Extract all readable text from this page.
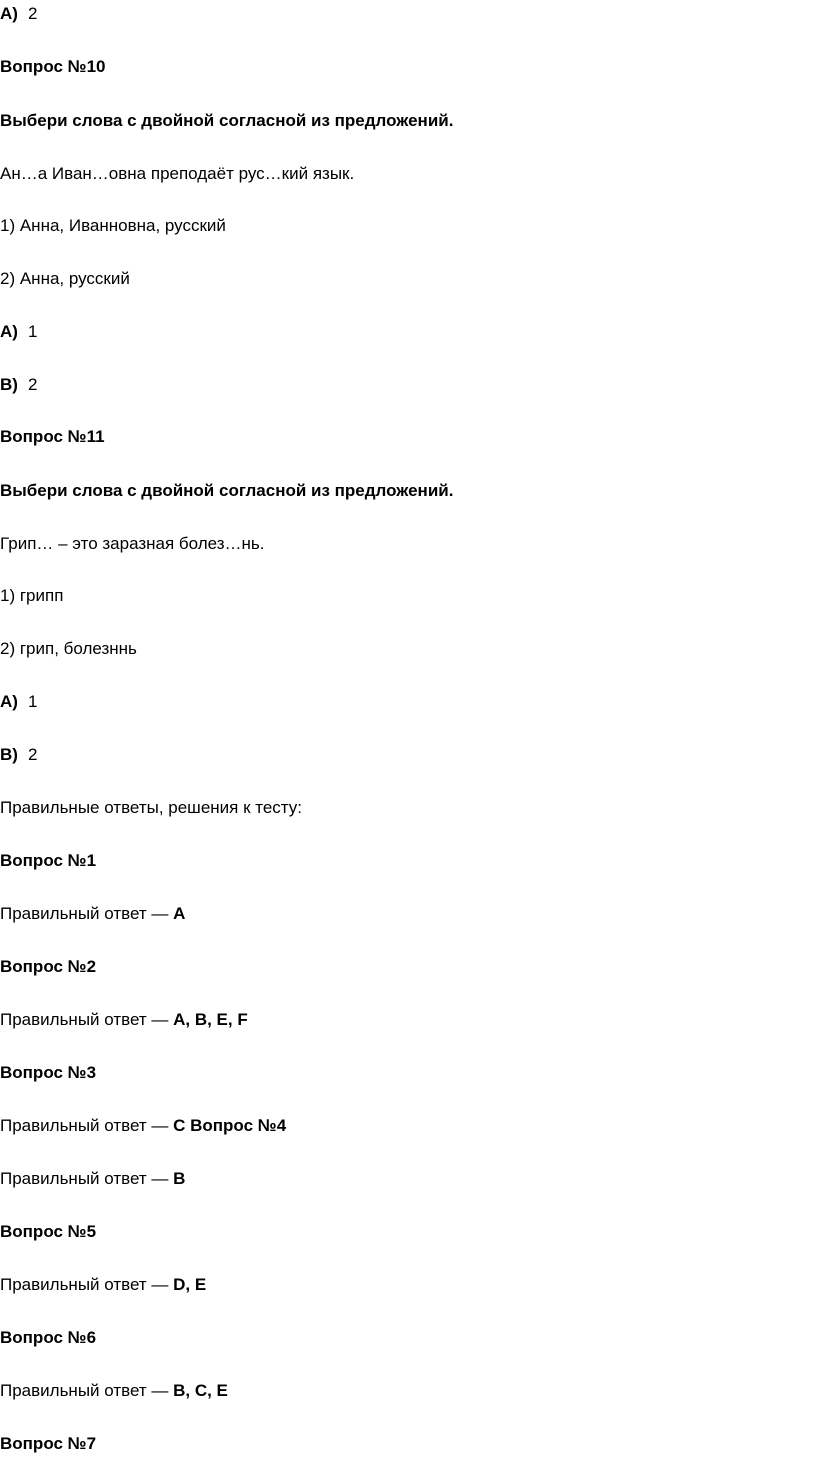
A) 2
Вопрос №10
Выбери слова с двойной согласной из предложений.
Ан…а Иван…овна преподаёт рус…кий язык.
1) Анна, Иванновна, русский
2) Анна, русский
A) 1
B) 2
Вопрос №11
Выбери слова с двойной согласной из предложений.
Грип… – это заразная болез…нь.
1) грипп
2) грип, болезннь
A) 1
B) 2
Правильные ответы, решения к тесту:
Вопрос №1
Правильный ответ — A
Вопрос №2
Правильный ответ — A, B, E, F
Вопрос №3
Правильный ответ — C Вопрос №4
Правильный ответ — B
Вопрос №5
Правильный ответ — D, E
Вопрос №6
Правильный ответ — B, C, E
Вопрос №7
